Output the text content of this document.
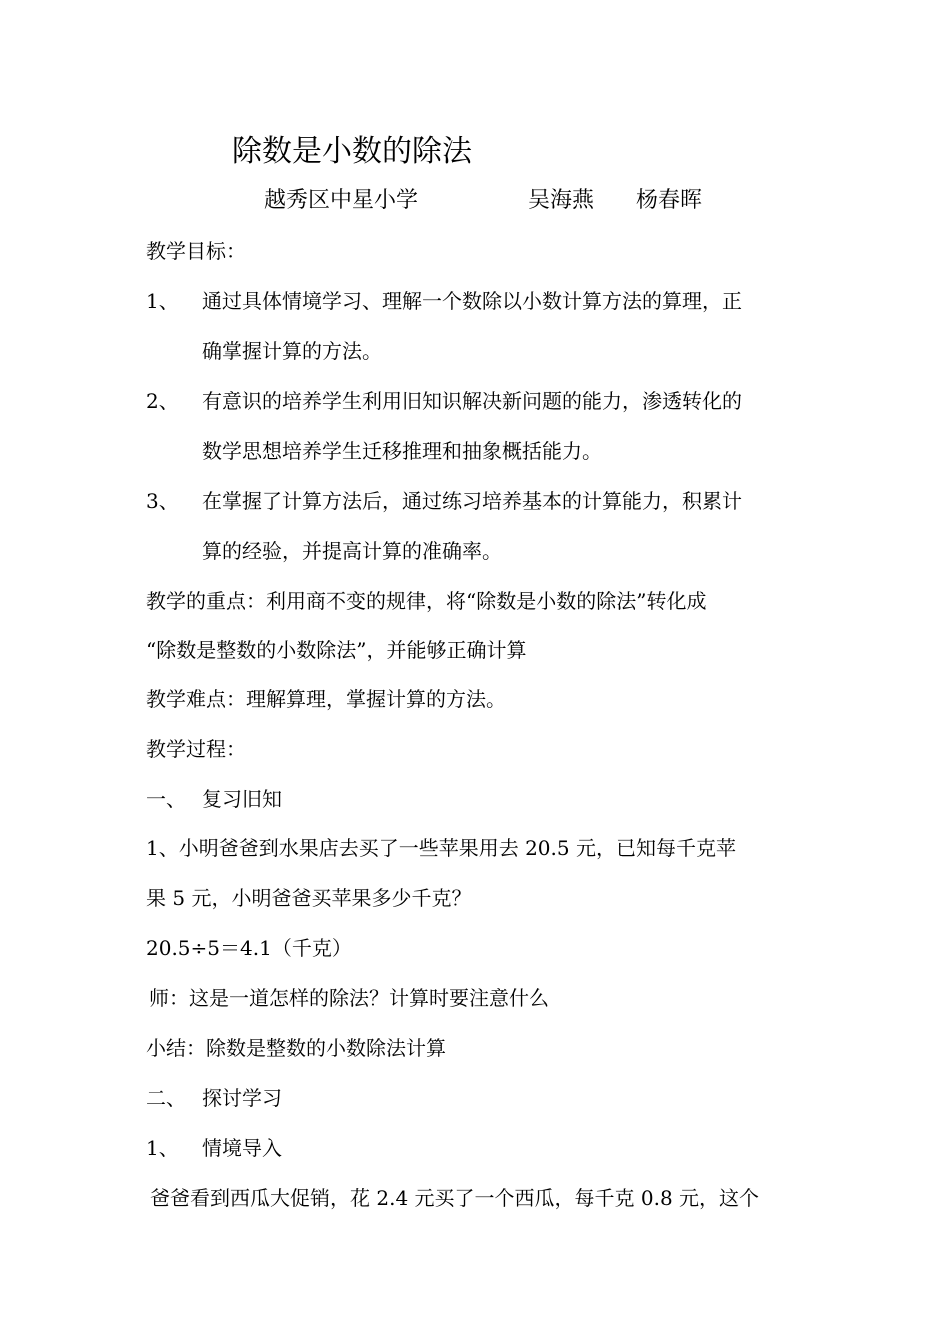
除数是小数的除法
越秀区中星小学	吴海燕 杨春晖
教学目标：
1、	通过具体情境学习、理解一个数除以小数计算方法的算理，正
确掌握计算的方法。
2、	有意识的培养学生利用旧知识解决新问题的能力，渗透转化的
数学思想培养学生迁移推理和抽象概括能力。
3、	在掌握了计算方法后，通过练习培养基本的计算能力，积累计
算的经验，并提高计算的准确率。
教学的重点：利用商不变的规律，将“除数是小数的除法”转化成
“除数是整数的小数除法”，并能够正确计算
教学难点：理解算理，掌握计算的方法。
教学过程：
一、 复习旧知
1、小明爸爸到水果店去买了一些苹果用去 20.5 元，已知每千克苹
果 5 元，小明爸爸买苹果多少千克？
20.5÷5＝4.1（千克）
师：这是一道怎样的除法？计算时要注意什么
小结：除数是整数的小数除法计算
二、 探讨学习
1、	情境导入
爸爸看到西瓜大促销，花 2.4 元买了一个西瓜，每千克 0.8 元，这个
